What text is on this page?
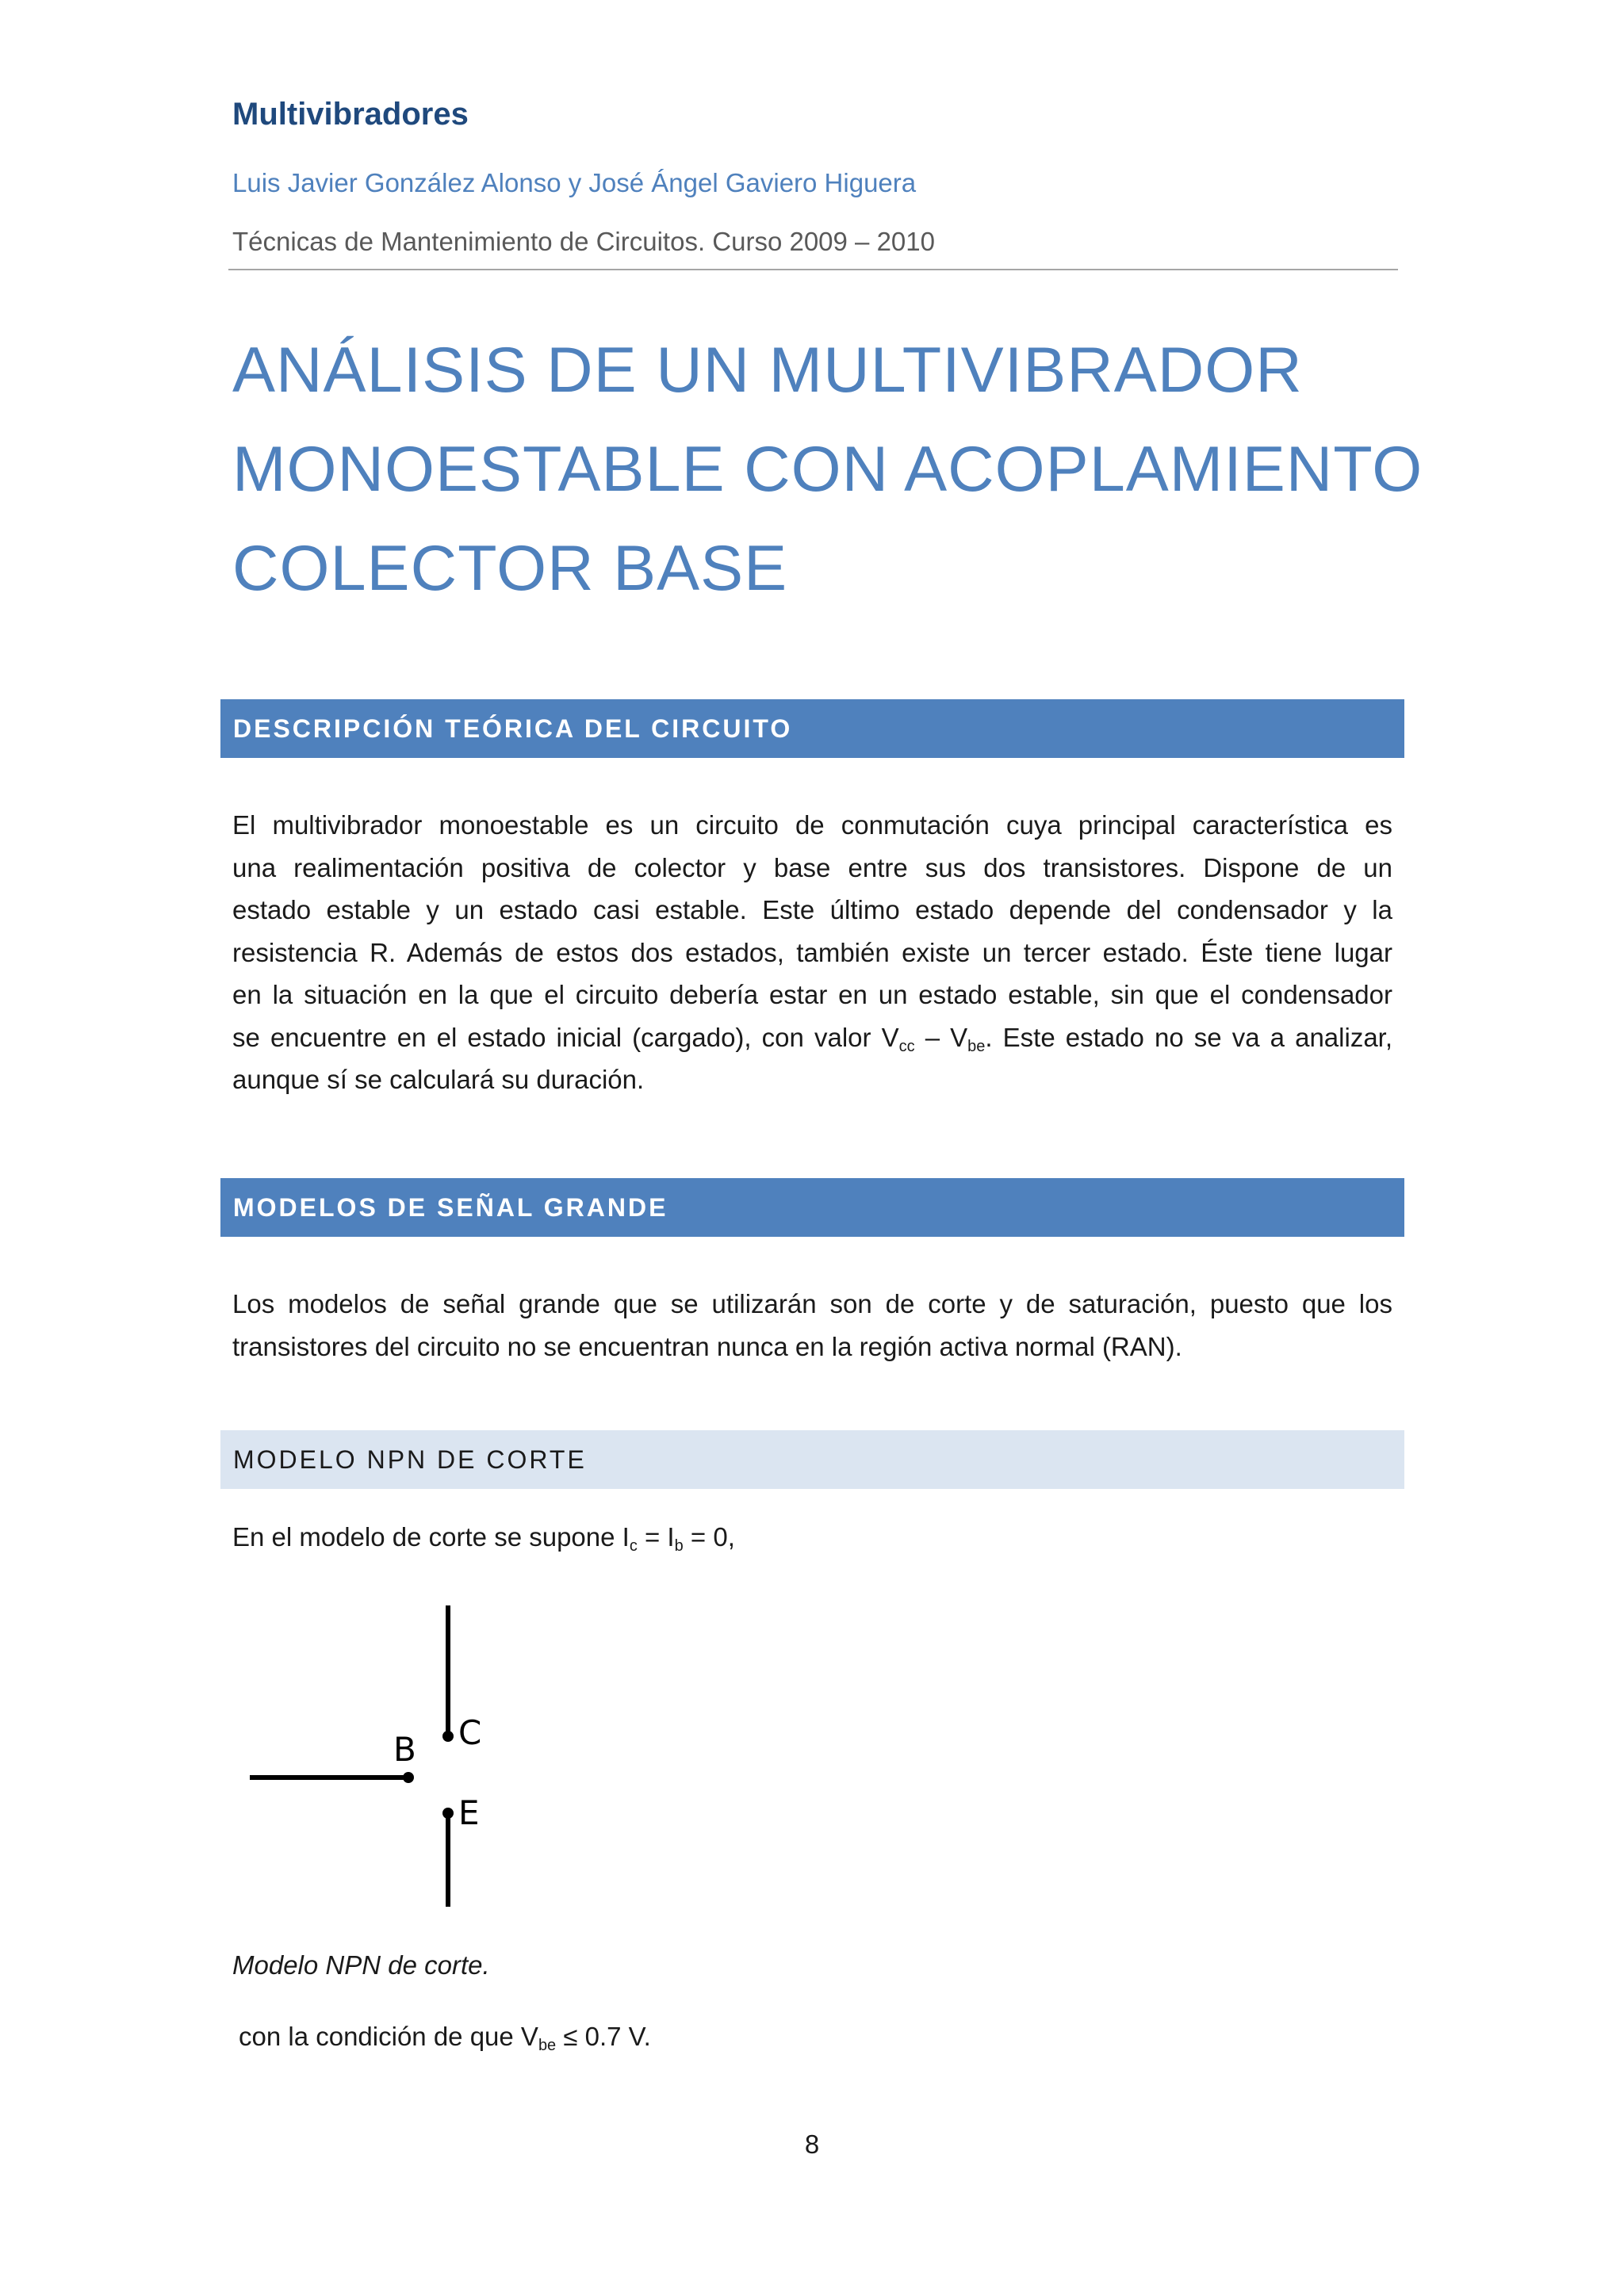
Multivibradores
Luis Javier González Alonso y José Ángel Gaviero Higuera
Técnicas de Mantenimiento de Circuitos. Curso 2009 – 2010
ANÁLISIS DE UN MULTIVIBRADOR
MONOESTABLE CON ACOPLAMIENTO
COLECTOR BASE
DESCRIPCIÓN TEÓRICA DEL CIRCUITO
El multivibrador monoestable es un circuito de conmutación cuya principal característica es
una realimentación positiva de colector y base entre sus dos transistores. Dispone de un
estado estable y un estado casi estable. Este último estado depende del condensador y la
resistencia R. Además de estos dos estados, también existe un tercer estado. Éste tiene lugar
en la situación en la que el circuito debería estar en un estado estable, sin que el condensador
se encuentre en el estado inicial (cargado), con valor $V_{cc} - V_{be}$. Este estado no se va a analizar,
aunque sí se calculará su duración.
MODELOS DE SEÑAL GRANDE
Los modelos de señal grande que se utilizarán son de corte y de saturación, puesto que los
transistores del circuito no se encuentran nunca en la región activa normal (RAN).
MODELO NPN DE CORTE
En el modelo de corte se supone $I_c = I_b = 0$,
B C
E
Modelo NPN de corte.
con la condición de que $V_{be} \le 0.7$ V.
8
